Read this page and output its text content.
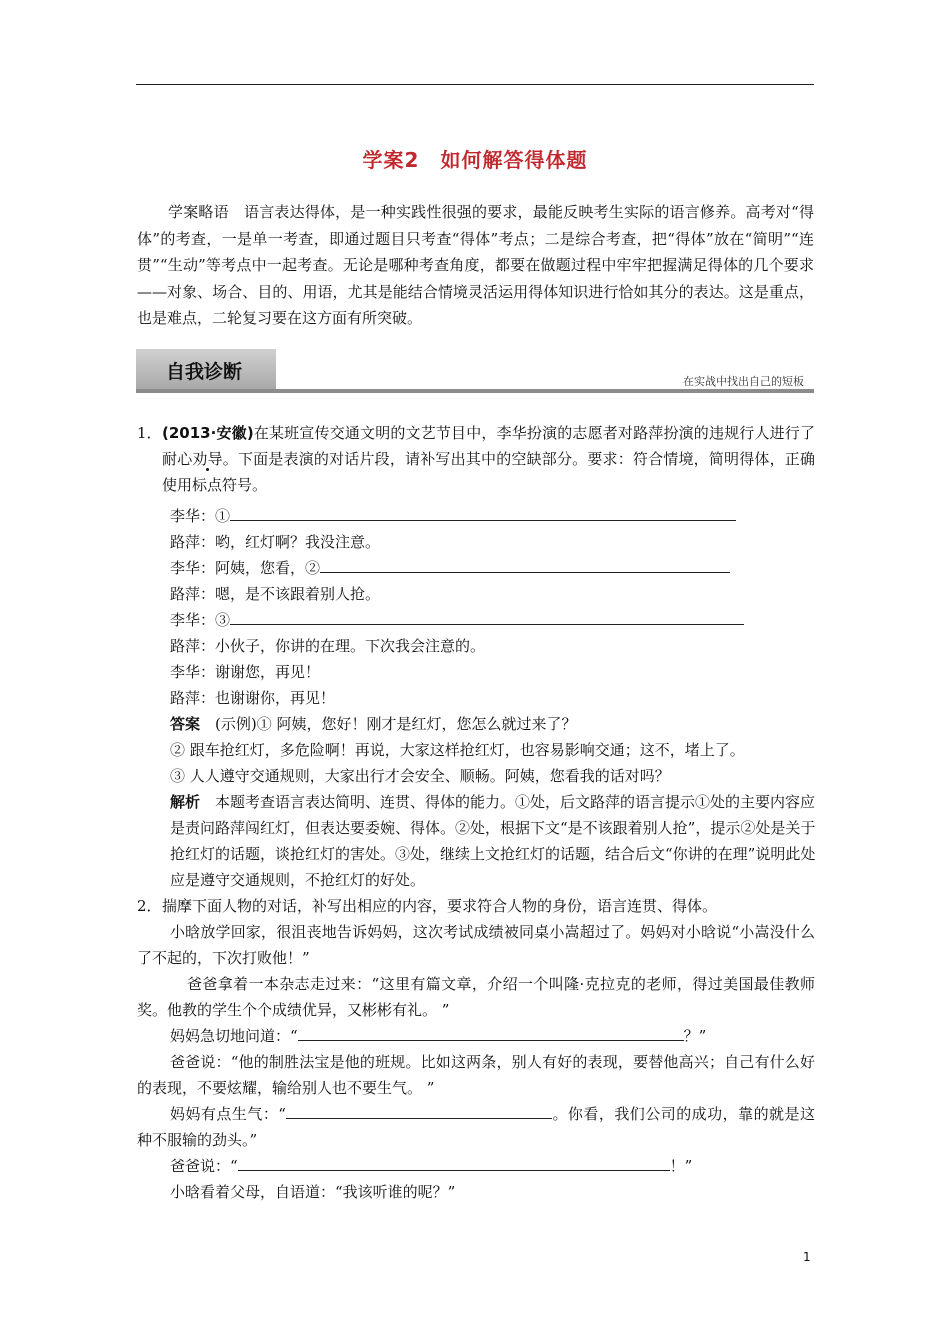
学案2　如何解答得体题
学案略语　语言表达得体，是一种实践性很强的要求，最能反映考生实际的语言修养。高考对“得体”的考查，一是单一考查，即通过题目只考查“得体”考点；二是综合考查，把“得体”放在“简明”“连贯”“生动”等考点中一起考查。无论是哪种考查角度，都要在做题过程中牢牢把握满足得体的几个要求——对象、场合、目的、用语，尤其是能结合情境灵活运用得体知识进行恰如其分的表达。这是重点，也是难点，二轮复习要在这方面有所突破。
自我诊断	在实战中找出自己的短板
1． (2013·安徽)在某班宣传交通文明的文艺节目中，李华扮演的志愿者对路萍扮演的违规行人进行了耐心劝导。下面是表演的对话片段，请补写出其中的空缺部分。要求：符合情境，简明得体，正确使用标点符号。
李华：①
路萍：哟，红灯啊？我没注意。
李华：阿姨，您看，②
路萍：嗯，是不该跟着别人抢。
李华：③
路萍：小伙子，你讲的在理。下次我会注意的。
李华：谢谢您，再见！
路萍：也谢谢你，再见！
答案　 (示例)① 阿姨，您好！刚才是红灯，您怎么就过来了？
② 跟车抢红灯，多危险啊！再说，大家这样抢红灯，也容易影响交通；这不，堵上了。
③ 人人遵守交通规则，大家出行才会安全、顺畅。阿姨，您看我的话对吗？
解析　 本题考查语言表达简明、连贯、得体的能力。①处，后文路萍的语言提示①处的主要内容应是责问路萍闯红灯，但表达要委婉、得体。②处，根据下文“是不该跟着别人抢”，提示②处是关于抢红灯的话题，谈抢红灯的害处。③处，继续上文抢红灯的话题，结合后文“你讲的在理”说明此处应是遵守交通规则，不抢红灯的好处。
2． 揣摩下面人物的对话，补写出相应的内容，要求符合人物的身份，语言连贯、得体。
小晗放学回家，很沮丧地告诉妈妈，这次考试成绩被同桌小嵩超过了。妈妈对小晗说“小嵩没什么了不起的，下次打败他！”
爸爸拿着一本杂志走过来：“这里有篇文章，介绍一个叫隆·克拉克的老师，得过美国最佳教师奖。他教的学生个个成绩优异，又彬彬有礼。 ”
妈妈急切地问道：“	？”
爸爸说：“他的制胜法宝是他的班规。比如这两条，别人有好的表现，要替他高兴；自己有什么好的表现，不要炫耀，输给别人也不要生气。 ”
妈妈有点生气：“	。你看，我们公司的成功，靠的就是这种不服输的劲头。”
爸爸说：“	！”
小晗看着父母，自语道：“我该听谁的呢？”
1
